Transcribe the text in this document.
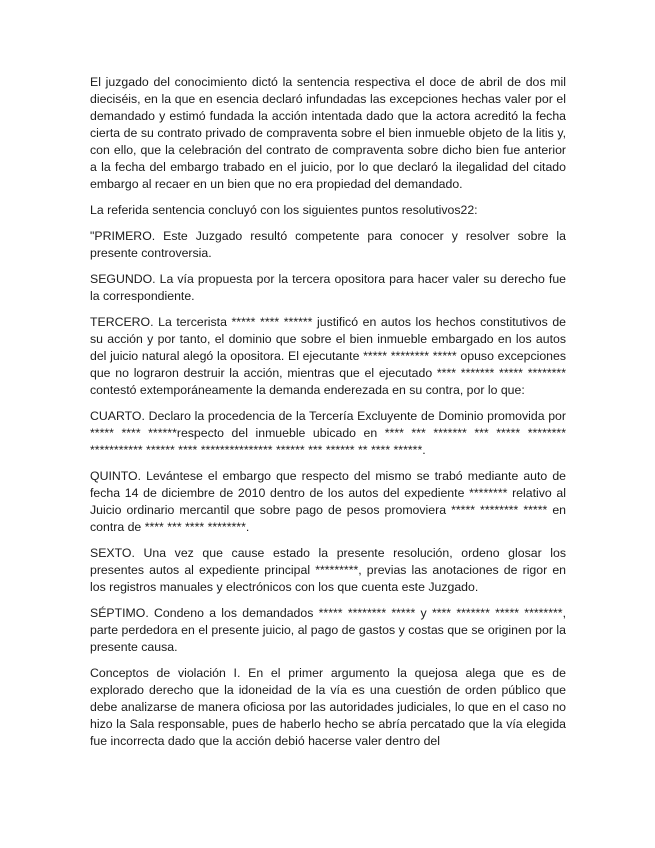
El juzgado del conocimiento dictó la sentencia respectiva el doce de abril de dos mil dieciséis, en la que en esencia declaró infundadas las excepciones hechas valer por el demandado y estimó fundada la acción intentada dado que la actora acreditó la fecha cierta de su contrato privado de compraventa sobre el bien inmueble objeto de la litis y, con ello, que la celebración del contrato de compraventa sobre dicho bien fue anterior a la fecha del embargo trabado en el juicio, por lo que declaró la ilegalidad del citado embargo al recaer en un bien que no era propiedad del demandado.

La referida sentencia concluyó con los siguientes puntos resolutivos22:

"PRIMERO. Este Juzgado resultó competente para conocer y resolver sobre la presente controversia.

SEGUNDO. La vía propuesta por la tercera opositora para hacer valer su derecho fue la correspondiente.

TERCERO. La tercerista ***** **** ****** justificó en autos los hechos constitutivos de su acción y por tanto, el dominio que sobre el bien inmueble embargado en los autos del juicio natural alegó la opositora. El ejecutante ***** ******** ***** opuso excepciones que no lograron destruir la acción, mientras que el ejecutado **** ******* ***** ******** contestó extemporáneamente la demanda enderezada en su contra, por lo que:

CUARTO. Declaro la procedencia de la Tercería Excluyente de Dominio promovida por ***** **** ******respecto del inmueble ubicado en **** *** ******* *** ***** ******** *********** ****** **** *************** ****** *** ****** ** **** ******.

QUINTO. Levántese el embargo que respecto del mismo se trabó mediante auto de fecha 14 de diciembre de 2010 dentro de los autos del expediente ******** relativo al Juicio ordinario mercantil que sobre pago de pesos promoviera ***** ******** ***** en contra de **** *** **** ********.

SEXTO. Una vez que cause estado la presente resolución, ordeno glosar los presentes autos al expediente principal *********, previas las anotaciones de rigor en los registros manuales y electrónicos con los que cuenta este Juzgado.

SÉPTIMO. Condeno a los demandados ***** ******** ***** y **** ******* ***** ********, parte perdedora en el presente juicio, al pago de gastos y costas que se originen por la presente causa.

Conceptos de violación I. En el primer argumento la quejosa alega que es de explorado derecho que la idoneidad de la vía es una cuestión de orden público que debe analizarse de manera oficiosa por las autoridades judiciales, lo que en el caso no hizo la Sala responsable, pues de haberlo hecho se abría percatado que la vía elegida fue incorrecta dado que la acción debió hacerse valer dentro del
